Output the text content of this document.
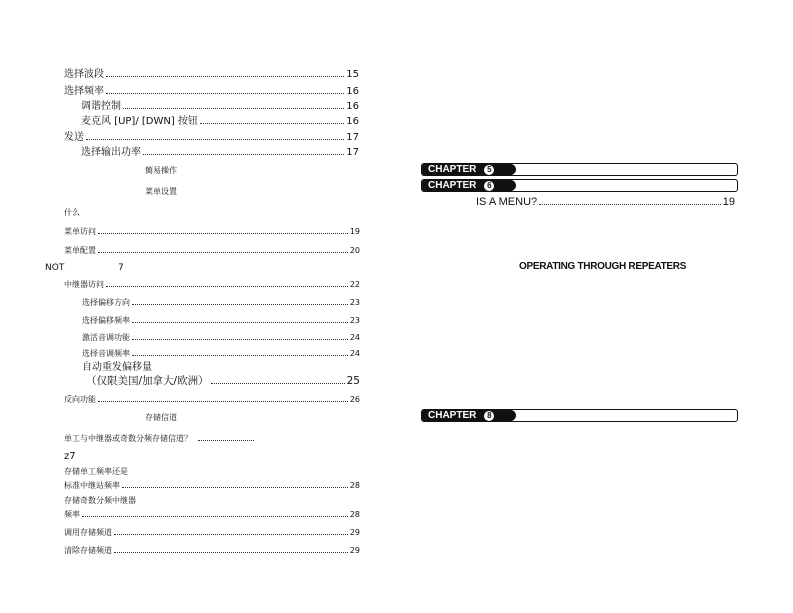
选择波段	15
选择频率	16
调谐控制	16
麦克风 [UP]/ [DWN] 按钮	16
发送	17
选择输出功率	17
簡易操作
菜单设置
什么
菜单访问	19
菜单配置	20
NOT	7
中继器访问	22
选择偏移方向	23
选择偏移频率	23
激活音调功能	24
选择音调频率	24
自动重发偏移量
（仅限美国/加拿大/欧洲）	25
反向功能	26
存储信道
单工与中继器或奇数分频存储信道？
z7
存储单工频率还是
标准中继站频率	28
存储奇数分频中继器
频率	28
调用存储频道	29
清除存储频道	29
CHAPTER	5
CHAPTER	6
IS A MENU?	19
OPERATING THROUGH REPEATERS
CHAPTER	8
